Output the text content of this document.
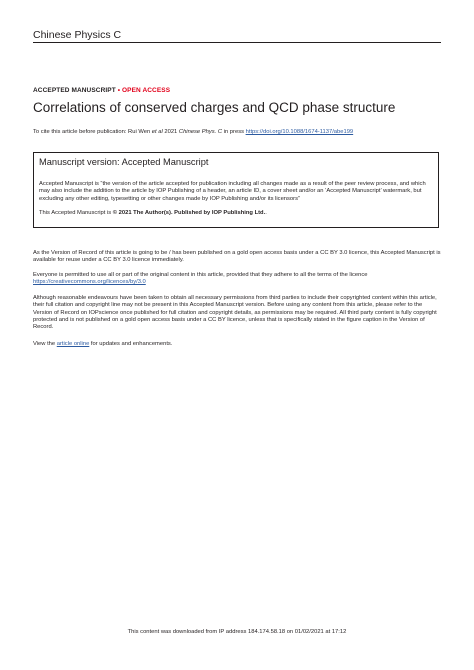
Chinese Physics C
ACCEPTED MANUSCRIPT • OPEN ACCESS
Correlations of conserved charges and QCD phase structure
To cite this article before publication: Rui Wen et al 2021 Chinese Phys. C in press https://doi.org/10.1088/1674-1137/abe199
Manuscript version: Accepted Manuscript
Accepted Manuscript is “the version of the article accepted for publication including all changes made as a result of the peer review process, and which may also include the addition to the article by IOP Publishing of a header, an article ID, a cover sheet and/or an ‘Accepted Manuscript’ watermark, but excluding any other editing, typesetting or other changes made by IOP Publishing and/or its licensors”
This Accepted Manuscript is © 2021 The Author(s). Published by IOP Publishing Ltd..
As the Version of Record of this article is going to be / has been published on a gold open access basis under a CC BY 3.0 licence, this Accepted Manuscript is available for reuse under a CC BY 3.0 licence immediately.
Everyone is permitted to use all or part of the original content in this article, provided that they adhere to all the terms of the licence
https://creativecommons.org/licences/by/3.0
Although reasonable endeavours have been taken to obtain all necessary permissions from third parties to include their copyrighted content within this article, their full citation and copyright line may not be present in this Accepted Manuscript version. Before using any content from this article, please refer to the Version of Record on IOPscience once published for full citation and copyright details, as permissions may be required. All third party content is fully copyright protected and is not published on a gold open access basis under a CC BY licence, unless that is specifically stated in the figure caption in the Version of Record.
View the article online for updates and enhancements.
This content was downloaded from IP address 184.174.58.18 on 01/02/2021 at 17:12
